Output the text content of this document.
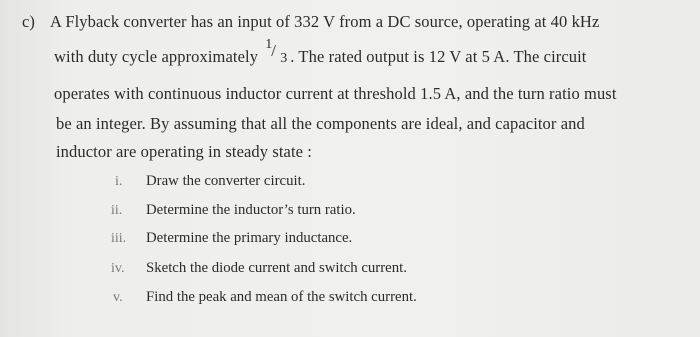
c) A Flyback converter has an input of 332 V from a DC source, operating at 40 kHz
with duty cycle approximately
1
/ 3 . The rated output is 12 V at 5 A. The circuit
operates with continuous inductor current at threshold 1.5 A, and the turn ratio must
be an integer. By assuming that all the components are ideal, and capacitor and
inductor are operating in steady state :
i. Draw the converter circuit.
ii. Determine the inductor’s turn ratio.
iii. Determine the primary inductance.
iv. Sketch the diode current and switch current.
v. Find the peak and mean of the switch current.
